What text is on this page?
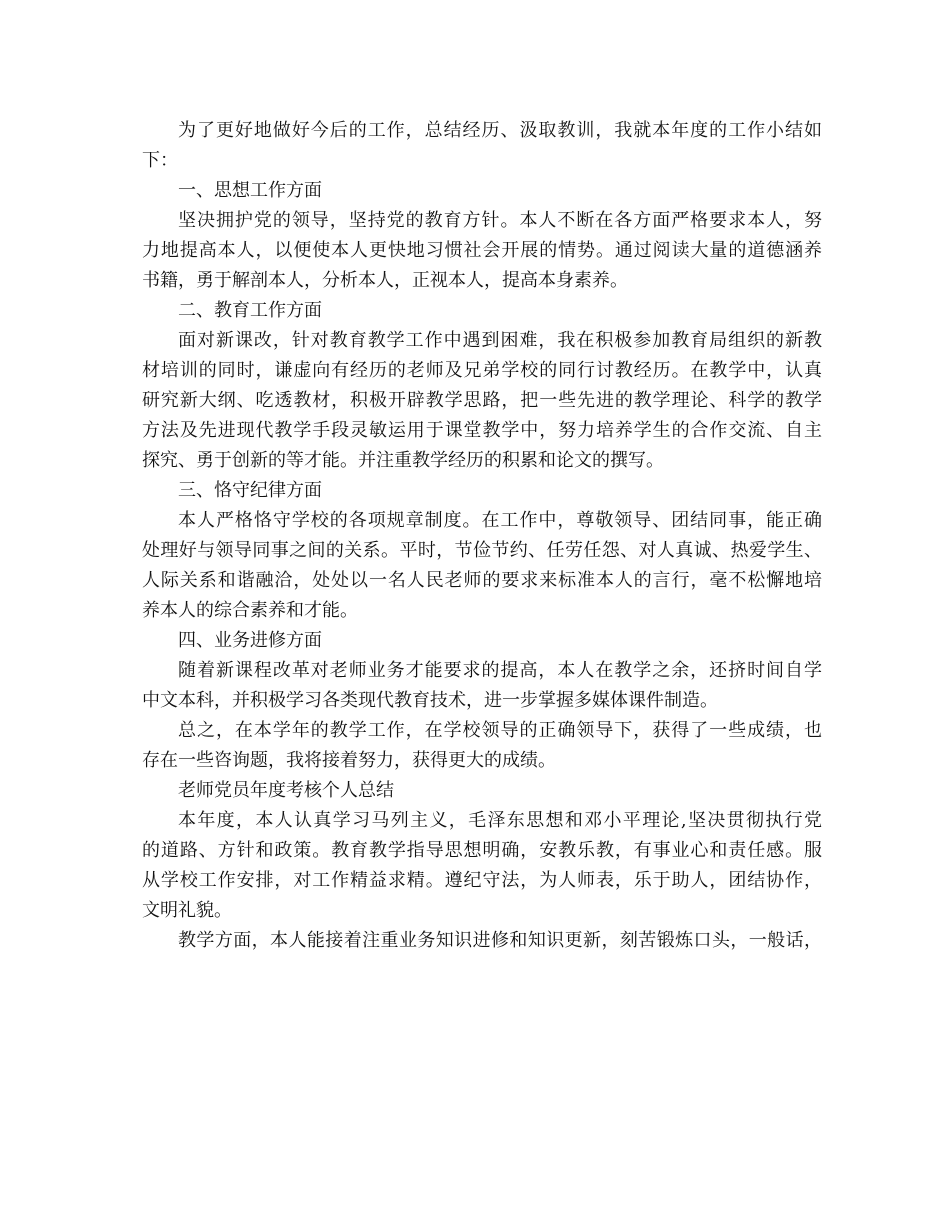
为了更好地做好今后的工作，总结经历、汲取教训，我就本年度的工作小结如
下：
一、思想工作方面
坚决拥护党的领导，坚持党的教育方针。本人不断在各方面严格要求本人，努
力地提高本人，以便使本人更快地习惯社会开展的情势。通过阅读大量的道德涵养
书籍，勇于解剖本人，分析本人，正视本人，提高本身素养。
二、教育工作方面
面对新课改，针对教育教学工作中遇到困难，我在积极参加教育局组织的新教
材培训的同时，谦虚向有经历的老师及兄弟学校的同行讨教经历。在教学中，认真
研究新大纲、吃透教材，积极开辟教学思路，把一些先进的教学理论、科学的教学
方法及先进现代教学手段灵敏运用于课堂教学中，努力培养学生的合作交流、自主
探究、勇于创新的等才能。并注重教学经历的积累和论文的撰写。
三、恪守纪律方面
本人严格恪守学校的各项规章制度。在工作中，尊敬领导、团结同事，能正确
处理好与领导同事之间的关系。平时，节俭节约、任劳任怨、对人真诚、热爱学生、
人际关系和谐融洽，处处以一名人民老师的要求来标准本人的言行，毫不松懈地培
养本人的综合素养和才能。
四、业务进修方面
随着新课程改革对老师业务才能要求的提高，本人在教学之余，还挤时间自学
中文本科，并积极学习各类现代教育技术，进一步掌握多媒体课件制造。
总之，在本学年的教学工作，在学校领导的正确领导下，获得了一些成绩，也
存在一些咨询题，我将接着努力，获得更大的成绩。
老师党员年度考核个人总结
本年度，本人认真学习马列主义，毛泽东思想和邓小平理论,坚决贯彻执行党
的道路、方针和政策。教育教学指导思想明确，安教乐教，有事业心和责任感。服
从学校工作安排，对工作精益求精。遵纪守法，为人师表，乐于助人，团结协作，
文明礼貌。
教学方面，本人能接着注重业务知识进修和知识更新，刻苦锻炼口头，一般话，
